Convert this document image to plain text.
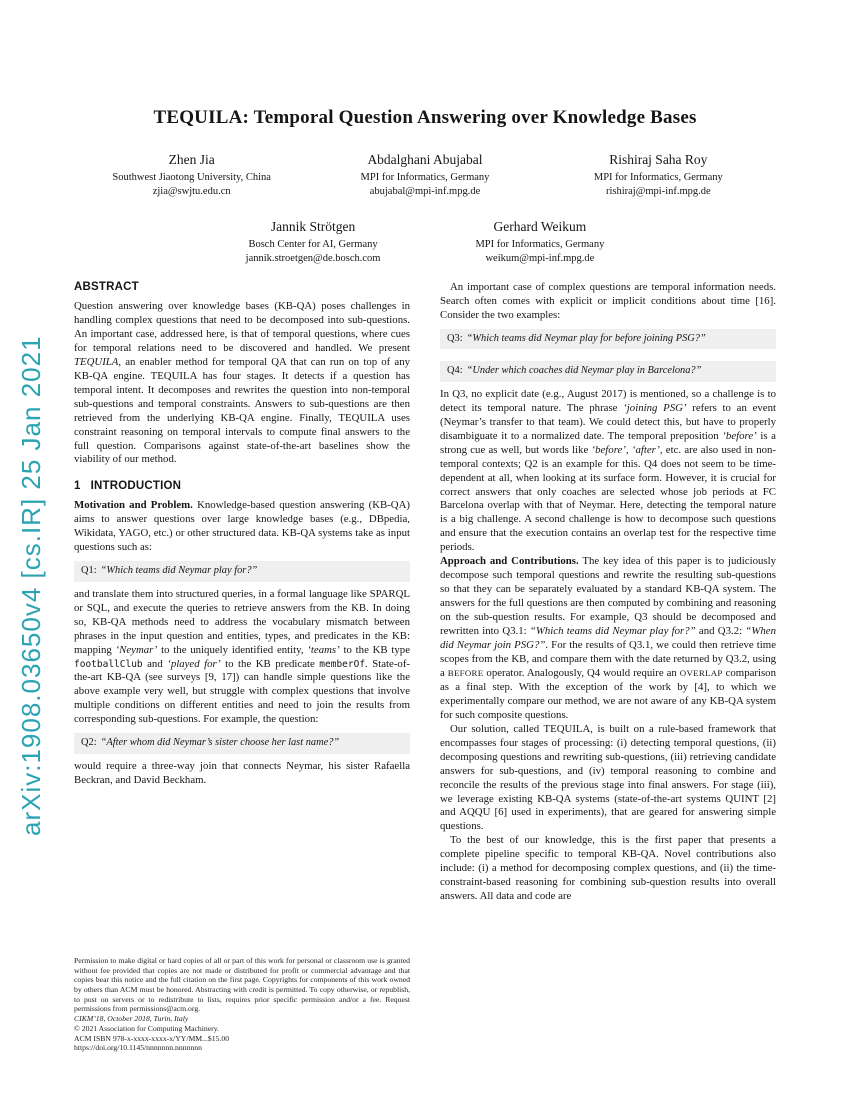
arXiv:1908.03650v4 [cs.IR] 25 Jan 2021
TEQUILA: Temporal Question Answering over Knowledge Bases
Zhen Jia
Southwest Jiaotong University, China
zjia@swjtu.edu.cn
Abdalghani Abujabal
MPI for Informatics, Germany
abujabal@mpi-inf.mpg.de
Rishiraj Saha Roy
MPI for Informatics, Germany
rishiraj@mpi-inf.mpg.de
Jannik Strötgen
Bosch Center for AI, Germany
jannik.stroetgen@de.bosch.com
Gerhard Weikum
MPI for Informatics, Germany
weikum@mpi-inf.mpg.de
ABSTRACT

Question answering over knowledge bases (KB-QA) poses challenges in handling complex questions that need to be decomposed into sub-questions. An important case, addressed here, is that of temporal questions, where cues for temporal relations need to be discovered and handled. We present TEQUILA, an enabler method for temporal QA that can run on top of any KB-QA engine. TEQUILA has four stages. It detects if a question has temporal intent. It decomposes and rewrites the question into non-temporal sub-questions and temporal constraints. Answers to sub-questions are then retrieved from the underlying KB-QA engine. Finally, TEQUILA uses constraint reasoning on temporal intervals to compute final answers to the full question. Comparisons against state-of-the-art baselines show the viability of our method.

1 INTRODUCTION

Motivation and Problem. Knowledge-based question answering (KB-QA) aims to answer questions over large knowledge bases (e.g., DBpedia, Wikidata, YAGO, etc.) or other structured data. KB-QA systems take as input questions such as:

Q1: “Which teams did Neymar play for?”

and translate them into structured queries, in a formal language like SPARQL or SQL, and execute the queries to retrieve answers from the KB. In doing so, KB-QA methods need to address the vocabulary mismatch between phrases in the input question and entities, types, and predicates in the KB: mapping ‘Neymar’ to the uniquely identified entity, ‘teams’ to the KB type footballClub and ‘played for’ to the KB predicate memberOf. State-of-the-art KB-QA (see surveys [9, 17]) can handle simple questions like the above example very well, but struggle with complex questions that involve multiple conditions on different entities and need to join the results from corresponding sub-questions. For example, the question:

Q2: “After whom did Neymar’s sister choose her last name?”

would require a three-way join that connects Neymar, his sister Rafaella Beckran, and David Beckham.

Permission to make digital or hard copies of all or part of this work for personal or classroom use is granted without fee provided that copies are not made or distributed for profit or commercial advantage and that copies bear this notice and the full citation on the first page. Copyrights for components of this work owned by others than ACM must be honored. Abstracting with credit is permitted. To copy otherwise, or republish, to post on servers or to redistribute to lists, requires prior specific permission and/or a fee. Request permissions from permissions@acm.org.
CIKM’18, October 2018, Turin, Italy
© 2021 Association for Computing Machinery.
ACM ISBN 978-x-xxxx-xxxx-x/YY/MM...$15.00
https://doi.org/10.1145/nnnnnnn.nnnnnnn

An important case of complex questions are temporal information needs. Search often comes with explicit or implicit conditions about time [16]. Consider the two examples:

Q3: “Which teams did Neymar play for before joining PSG?”
Q4: “Under which coaches did Neymar play in Barcelona?”

In Q3, no explicit date (e.g., August 2017) is mentioned, so a challenge is to detect its temporal nature. The phrase ‘joining PSG’ refers to an event (Neymar’s transfer to that team). We could detect this, but have to properly disambiguate it to a normalized date. The temporal preposition ‘before’ is a strong cue as well, but words like ‘before’, ‘after’, etc. are also used in non-temporal contexts; Q2 is an example for this. Q4 does not seem to be time-dependent at all, when looking at its surface form. However, it is crucial for correct answers that only coaches are selected whose job periods at FC Barcelona overlap with that of Neymar. Here, detecting the temporal nature is a big challenge. A second challenge is how to decompose such questions and ensure that the execution contains an overlap test for the respective time periods.

Approach and Contributions. The key idea of this paper is to judiciously decompose such temporal questions and rewrite the resulting sub-questions so that they can be separately evaluated by a standard KB-QA system. The answers for the full questions are then computed by combining and reasoning on the sub-question results. For example, Q3 should be decomposed and rewritten into Q3.1: “Which teams did Neymar play for?” and Q3.2: “When did Neymar join PSG?”. For the results of Q3.1, we could then retrieve time scopes from the KB, and compare them with the date returned by Q3.2, using a BEFORE operator. Analogously, Q4 would require an OVERLAP comparison as a final step. With the exception of the work by [4], to which we experimentally compare our method, we are not aware of any KB-QA system for such composite questions.

Our solution, called TEQUILA, is built on a rule-based framework that encompasses four stages of processing: (i) detecting temporal questions, (ii) decomposing questions and rewriting sub-questions, (iii) retrieving candidate answers for sub-questions, and (iv) temporal reasoning to combine and reconcile the results of the previous stage into final answers. For stage (iii), we leverage existing KB-QA systems (state-of-the-art systems QUINT [2] and AQQU [6] used in experiments), that are geared for answering simple questions.

To the best of our knowledge, this is the first paper that presents a complete pipeline specific to temporal KB-QA. Novel contributions also include: (i) a method for decomposing complex questions, and (ii) the time-constraint-based reasoning for combining sub-question results into overall answers. All data and code are
